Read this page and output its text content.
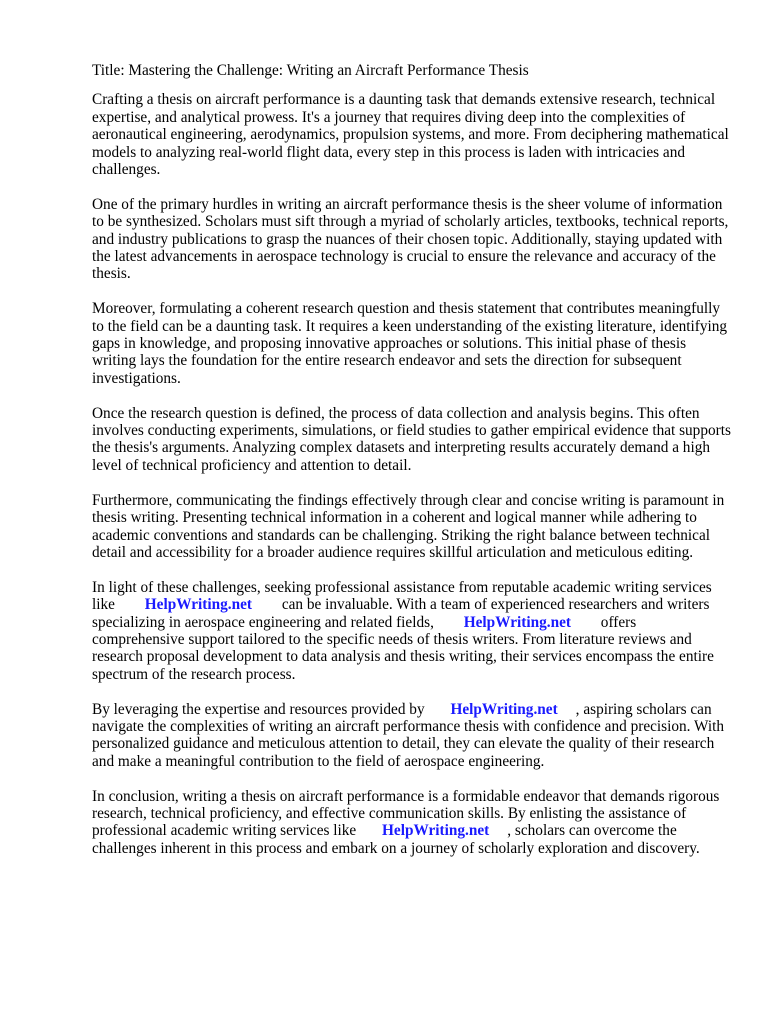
Title: Mastering the Challenge: Writing an Aircraft Performance Thesis

Crafting a thesis on aircraft performance is a daunting task that demands extensive research, technical expertise, and analytical prowess. It's a journey that requires diving deep into the complexities of aeronautical engineering, aerodynamics, propulsion systems, and more. From deciphering mathematical models to analyzing real-world flight data, every step in this process is laden with intricacies and challenges.

One of the primary hurdles in writing an aircraft performance thesis is the sheer volume of information to be synthesized. Scholars must sift through a myriad of scholarly articles, textbooks, technical reports, and industry publications to grasp the nuances of their chosen topic. Additionally, staying updated with the latest advancements in aerospace technology is crucial to ensure the relevance and accuracy of the thesis.

Moreover, formulating a coherent research question and thesis statement that contributes meaningfully to the field can be a daunting task. It requires a keen understanding of the existing literature, identifying gaps in knowledge, and proposing innovative approaches or solutions. This initial phase of thesis writing lays the foundation for the entire research endeavor and sets the direction for subsequent investigations.

Once the research question is defined, the process of data collection and analysis begins. This often involves conducting experiments, simulations, or field studies to gather empirical evidence that supports the thesis's arguments. Analyzing complex datasets and interpreting results accurately demand a high level of technical proficiency and attention to detail.

Furthermore, communicating the findings effectively through clear and concise writing is paramount in thesis writing. Presenting technical information in a coherent and logical manner while adhering to academic conventions and standards can be challenging. Striking the right balance between technical detail and accessibility for a broader audience requires skillful articulation and meticulous editing.

In light of these challenges, seeking professional assistance from reputable academic writing services like HelpWriting.net can be invaluable. With a team of experienced researchers and writers specializing in aerospace engineering and related fields, HelpWriting.net offers comprehensive support tailored to the specific needs of thesis writers. From literature reviews and research proposal development to data analysis and thesis writing, their services encompass the entire spectrum of the research process.

By leveraging the expertise and resources provided by HelpWriting.net , aspiring scholars can navigate the complexities of writing an aircraft performance thesis with confidence and precision. With personalized guidance and meticulous attention to detail, they can elevate the quality of their research and make a meaningful contribution to the field of aerospace engineering.

In conclusion, writing a thesis on aircraft performance is a formidable endeavor that demands rigorous research, technical proficiency, and effective communication skills. By enlisting the assistance of professional academic writing services like HelpWriting.net , scholars can overcome the challenges inherent in this process and embark on a journey of scholarly exploration and discovery.
